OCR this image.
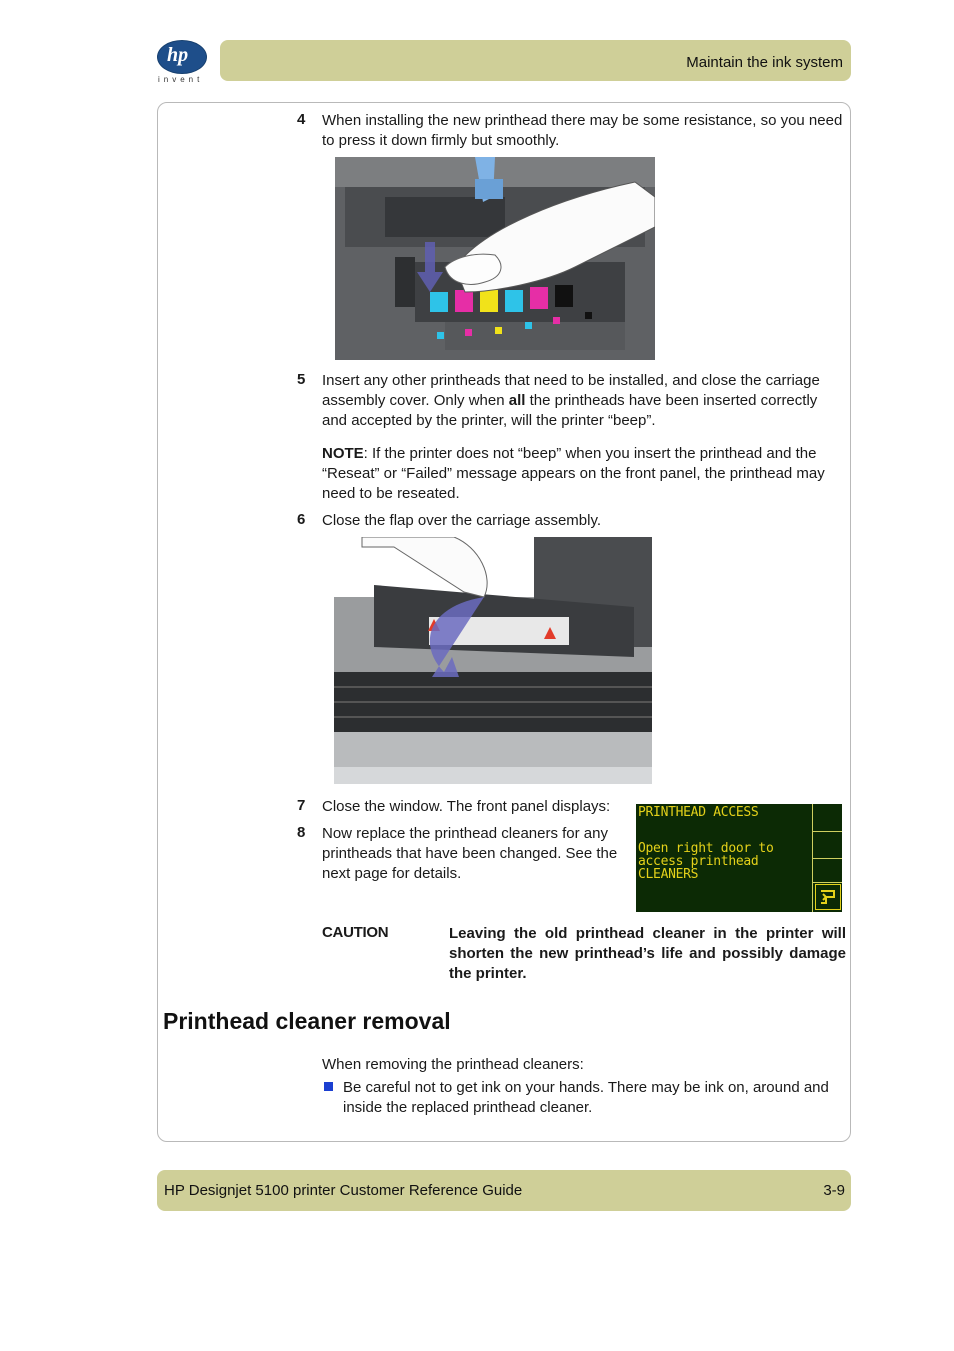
hp
invent
Maintain the ink system
4 When installing the new printhead there may be some resistance, so you need to press it down firmly but smoothly.
5 Insert any other printheads that need to be installed, and close the carriage assembly cover. Only when all the printheads have been inserted correctly and accepted by the printer, will the printer “beep”.
NOTE: If the printer does not “beep” when you insert the printhead and the “Reseat” or “Failed” message appears on the front panel, the printhead may need to be reseated.
6 Close the flap over the carriage assembly.
7 Close the window. The front panel displays:
8 Now replace the printhead cleaners for any printheads that have been changed. See the next page for details.
PRINTHEAD ACCESS
Open right door to
access printhead
CLEANERS
CAUTION	Leaving the old printhead cleaner in the printer will shorten the new printhead’s life and possibly damage the printer.
Printhead cleaner removal
When removing the printhead cleaners:
Be careful not to get ink on your hands. There may be ink on, around and inside the replaced printhead cleaner.
HP Designjet 5100 printer Customer Reference Guide	3-9
